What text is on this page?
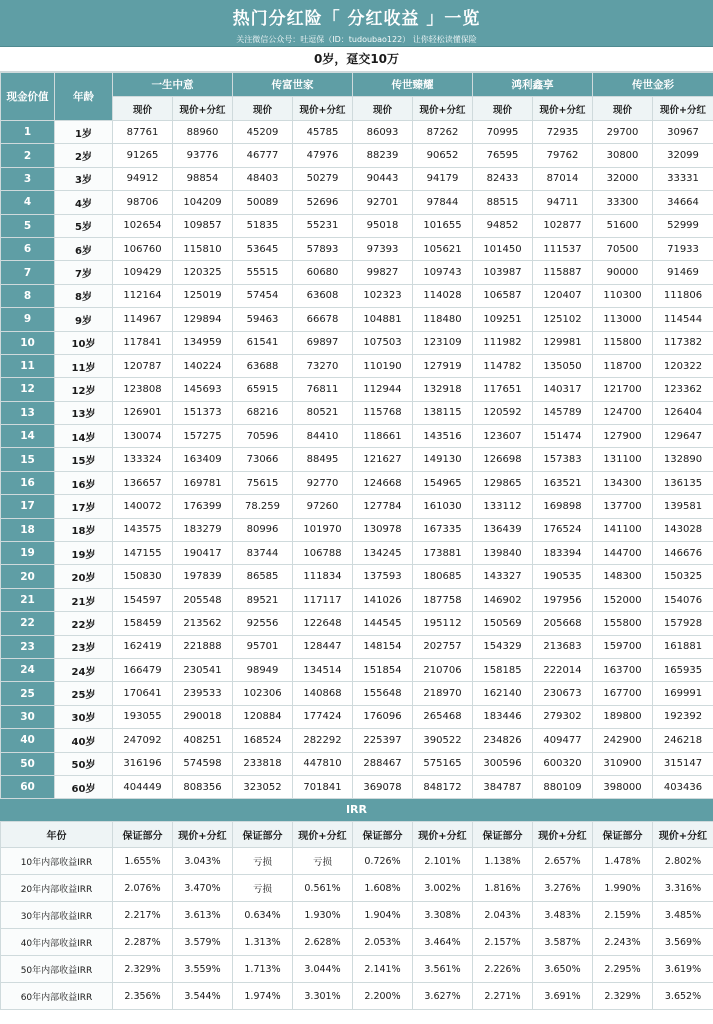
热门分红险「 分红收益 」一览
关注微信公众号：吐逗保（ID：tudoubao122） 让你轻松读懂保险
0岁，趸交10万
现金价值	年龄	一生中意		传富世家		传世臻耀		鸿利鑫享		传世金彩	
		现价	现价+分红	现价	现价+分红	现价	现价+分红	现价	现价+分红	现价	现价+分红
1	1岁	87761	88960	45209	45785	86093	87262	70995	72935	29700	30967
2	2岁	91265	93776	46777	47976	88239	90652	76595	79762	30800	32099
3	3岁	94912	98854	48403	50279	90443	94179	82433	87014	32000	33331
4	4岁	98706	104209	50089	52696	92701	97844	88515	94711	33300	34664
5	5岁	102654	109857	51835	55231	95018	101655	94852	102877	51600	52999
6	6岁	106760	115810	53645	57893	97393	105621	101450	111537	70500	71933
7	7岁	109429	120325	55515	60680	99827	109743	103987	115887	90000	91469
8	8岁	112164	125019	57454	63608	102323	114028	106587	120407	110300	111806
9	9岁	114967	129894	59463	66678	104881	118480	109251	125102	113000	114544
10	10岁	117841	134959	61541	69897	107503	123109	111982	129981	115800	117382
11	11岁	120787	140224	63688	73270	110190	127919	114782	135050	118700	120322
12	12岁	123808	145693	65915	76811	112944	132918	117651	140317	121700	123362
13	13岁	126901	151373	68216	80521	115768	138115	120592	145789	124700	126404
14	14岁	130074	157275	70596	84410	118661	143516	123607	151474	127900	129647
15	15岁	133324	163409	73066	88495	121627	149130	126698	157383	131100	132890
16	16岁	136657	169781	75615	92770	124668	154965	129865	163521	134300	136135
17	17岁	140072	176399	78.259	97260	127784	161030	133112	169898	137700	139581
18	18岁	143575	183279	80996	101970	130978	167335	136439	176524	141100	143028
19	19岁	147155	190417	83744	106788	134245	173881	139840	183394	144700	146676
20	20岁	150830	197839	86585	111834	137593	180685	143327	190535	148300	150325
21	21岁	154597	205548	89521	117117	141026	187758	146902	197956	152000	154076
22	22岁	158459	213562	92556	122648	144545	195112	150569	205668	155800	157928
23	23岁	162419	221888	95701	128447	148154	202757	154329	213683	159700	161881
24	24岁	166479	230541	98949	134514	151854	210706	158185	222014	163700	165935
25	25岁	170641	239533	102306	140868	155648	218970	162140	230673	167700	169991
30	30岁	193055	290018	120884	177424	176096	265468	183446	279302	189800	192392
40	40岁	247092	408251	168524	282292	225397	390522	234826	409477	242900	246218
50	50岁	316196	574598	233818	447810	288467	575165	300596	600320	310900	315147
60	60岁	404449	808356	323052	701841	369078	848172	384787	880109	398000	403436
IRR
年份	保证部分	现价+分红	保证部分	现价+分红	保证部分	现价+分红	保证部分	现价+分红	保证部分	现价+分红
10年内部收益IRR	1.655%	3.043%	亏损	亏损	0.726%	2.101%	1.138%	2.657%	1.478%	2.802%
20年内部收益IRR	2.076%	3.470%	亏损	0.561%	1.608%	3.002%	1.816%	3.276%	1.990%	3.316%
30年内部收益IRR	2.217%	3.613%	0.634%	1.930%	1.904%	3.308%	2.043%	3.483%	2.159%	3.485%
40年内部收益IRR	2.287%	3.579%	1.313%	2.628%	2.053%	3.464%	2.157%	3.587%	2.243%	3.569%
50年内部收益IRR	2.329%	3.559%	1.713%	3.044%	2.141%	3.561%	2.226%	3.650%	2.295%	3.619%
60年内部收益IRR	2.356%	3.544%	1.974%	3.301%	2.200%	3.627%	2.271%	3.691%	2.329%	3.652%
